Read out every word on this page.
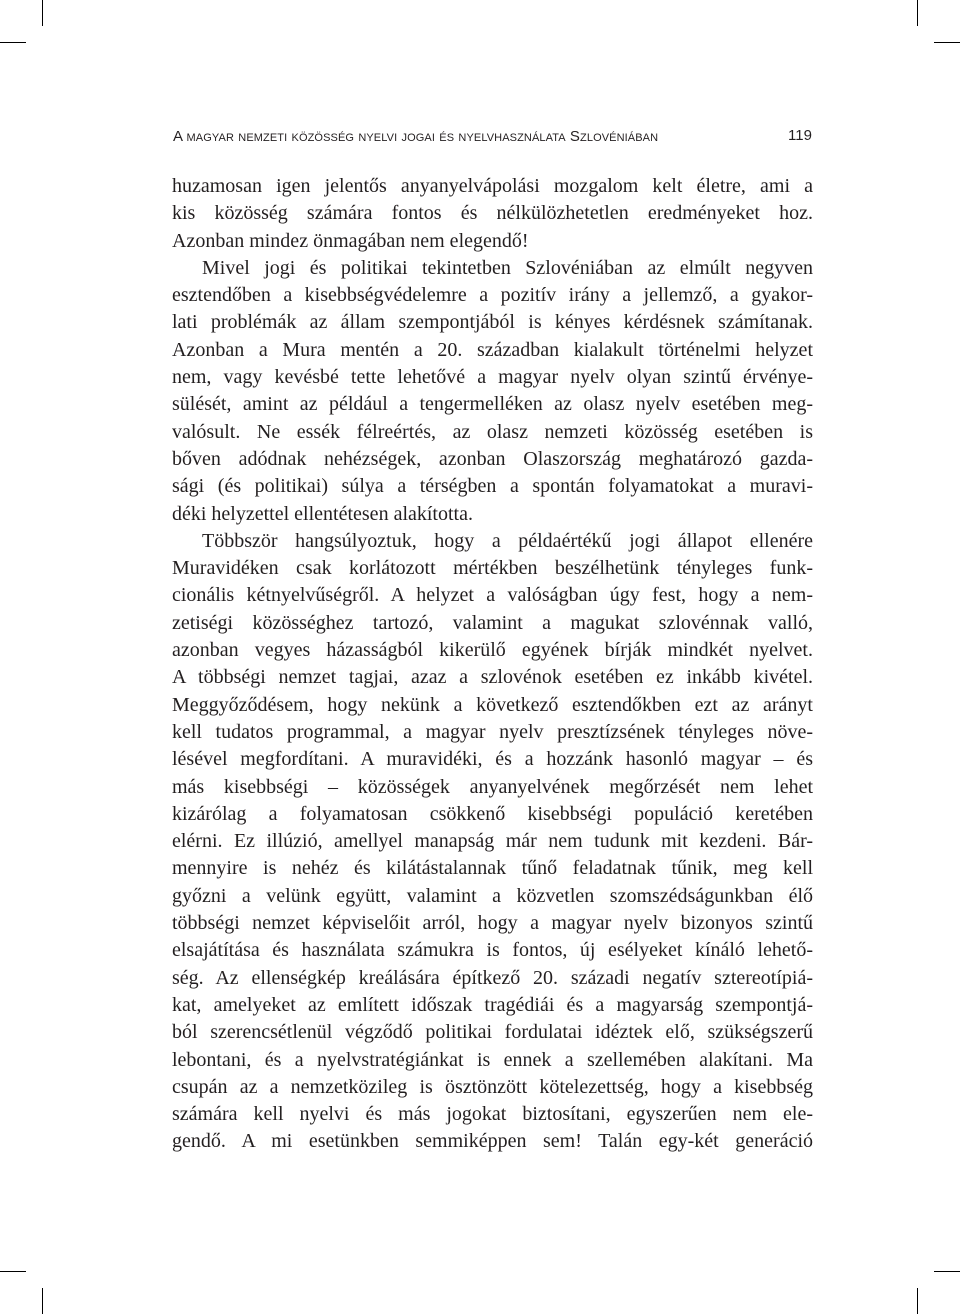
A magyar nemzeti közösség nyelvi jogai és nyelvhasználata Szlovéniában	119
huzamosan igen jelentős anyanyelvápolási mozgalom kelt életre, ami a
kis közösség számára fontos és nélkülözhetetlen eredményeket hoz.
Azonban mindez önmagában nem elegendő!
Mivel jogi és politikai tekintetben Szlovéniában az elmúlt negyven
esztendőben a kisebbségvédelemre a pozitív irány a jellemző, a gyakor-
lati problémák az állam szempontjából is kényes kérdésnek számítanak.
Azonban a Mura mentén a 20. században kialakult történelmi helyzet
nem, vagy kevésbé tette lehetővé a magyar nyelv olyan szintű érvénye-
sülését, amint az például a tengermelléken az olasz nyelv esetében meg-
valósult. Ne essék félreértés, az olasz nemzeti közösség esetében is
bőven adódnak nehézségek, azonban Olaszország meghatározó gazda-
sági (és politikai) súlya a térségben a spontán folyamatokat a muravi-
déki helyzettel ellentétesen alakította.
Többször hangsúlyoztuk, hogy a példaértékű jogi állapot ellenére
Muravidéken csak korlátozott mértékben beszélhetünk tényleges funk-
cionális kétnyelvűségről. A helyzet a valóságban úgy fest, hogy a nem-
zetiségi közösséghez tartozó, valamint a magukat szlovénnak valló,
azonban vegyes házasságból kikerülő egyének bírják mindkét nyelvet.
A többségi nemzet tagjai, azaz a szlovénok esetében ez inkább kivétel.
Meggyőződésem, hogy nekünk a következő esztendőkben ezt az arányt
kell tudatos programmal, a magyar nyelv presztízsének tényleges növe-
lésével megfordítani. A muravidéki, és a hozzánk hasonló magyar – és
más kisebbségi – közösségek anyanyelvének megőrzését nem lehet
kizárólag a folyamatosan csökkenő kisebbségi populáció keretében
elérni. Ez illúzió, amellyel manapság már nem tudunk mit kezdeni. Bár-
mennyire is nehéz és kilátástalannak tűnő feladatnak tűnik, meg kell
győzni a velünk együtt, valamint a közvetlen szomszédságunkban élő
többségi nemzet képviselőit arról, hogy a magyar nyelv bizonyos szintű
elsajátítása és használata számukra is fontos, új esélyeket kínáló lehető-
ség. Az ellenségkép kreálására építkező 20. századi negatív sztereotípiá-
kat, amelyeket az említett időszak tragédiái és a magyarság szempontjá-
ból szerencsétlenül végződő politikai fordulatai idéztek elő, szükségszerű
lebontani, és a nyelvstratégiánkat is ennek a szellemében alakítani. Ma
csupán az a nemzetközileg is ösztönzött kötelezettség, hogy a kisebbség
számára kell nyelvi és más jogokat biztosítani, egyszerűen nem ele-
gendő. A mi esetünkben semmiképpen sem! Talán egy-két generáció
